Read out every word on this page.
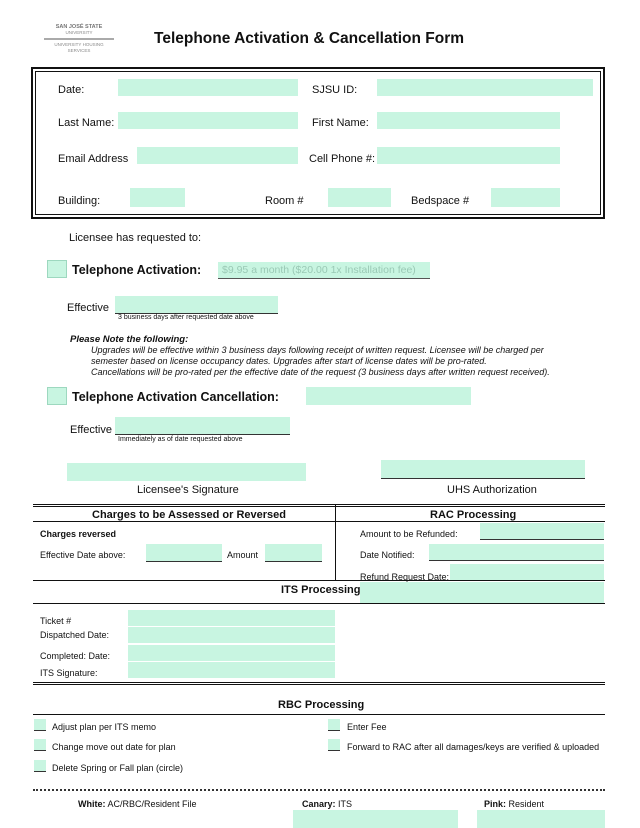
SAN JOSÉ STATE
UNIVERSITY
UNIVERSITY HOUSING
SERVICES
Telephone Activation & Cancellation Form
Date:	SJSU ID:
Last Name:	First Name:
Email Address	Cell Phone #:
Building:	Room #	Bedspace #
Licensee has requested to:
Telephone Activation: $9.95 a month ($20.00 1x Installation fee)
Effective
3 business days after requested date above
Please Note the following:
Upgrades will be effective within 3 business days following receipt of written request. Licensee will be charged per
semester based on license occupancy dates. Upgrades after start of license dates will be pro-rated.
Cancellations will be pro-rated per the effective date of the request (3 business days after written request received).
Telephone Activation Cancellation:
Effective
Immediately as of date requested above
Licensee's Signature	UHS Authorization
Charges to be Assessed or Reversed	RAC Processing
Charges reversed
Effective Date above:	Amount
Amount to be Refunded:
Date Notified:
Refund Request Date:
ITS Processing
Ticket #
Dispatched Date:
Completed: Date:
ITS Signature:
RBC Processing
Adjust plan per ITS memo
Change move out date for plan
Delete Spring or Fall plan (circle)
Enter Fee
Forward to RAC after all damages/keys are verified & uploaded
White: AC/RBC/Resident File	Canary: ITS	Pink: Resident
